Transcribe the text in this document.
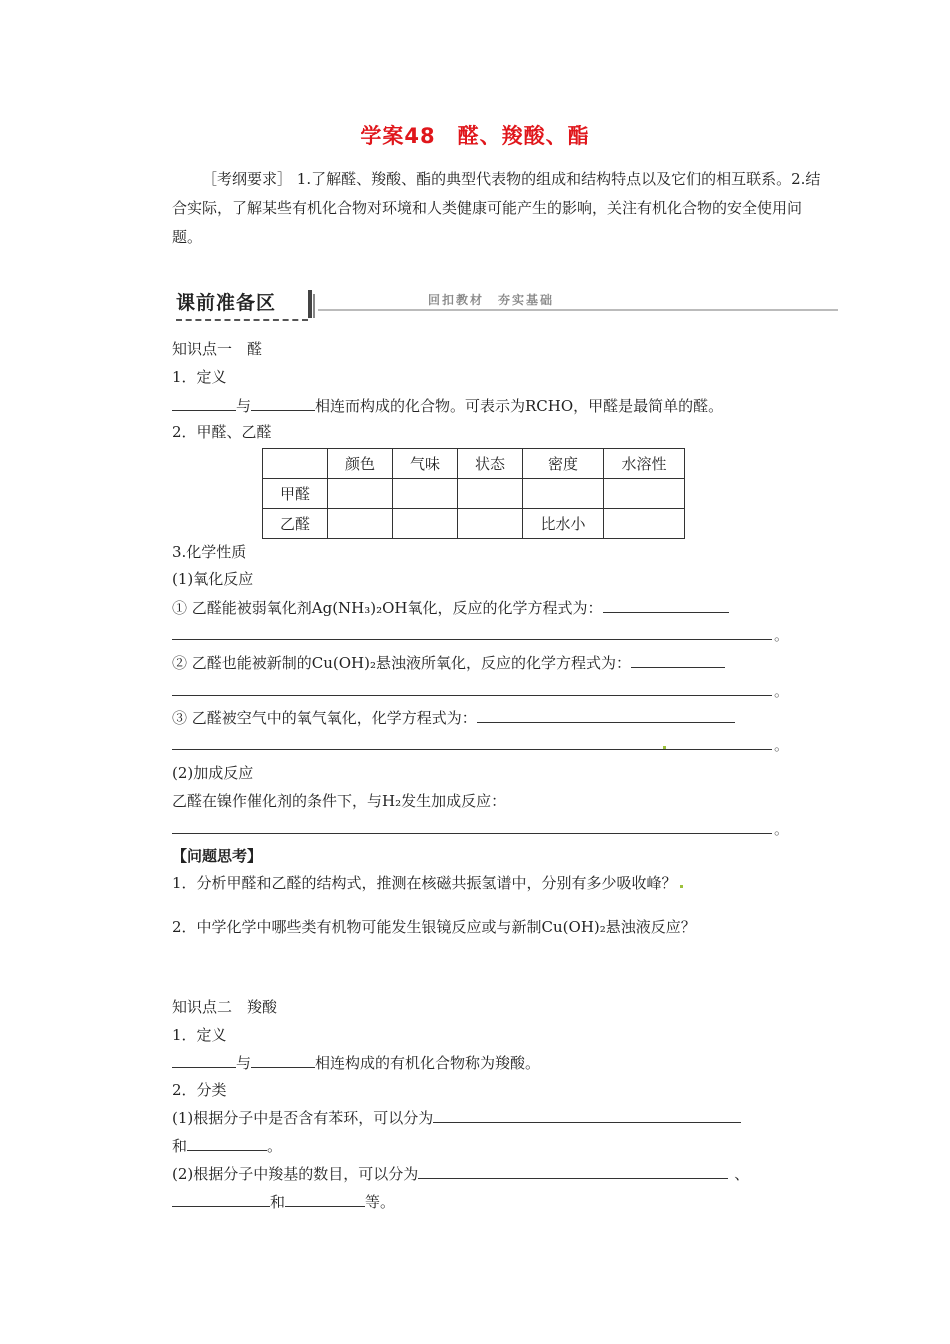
学案48　醛、羧酸、酯
［考纲要求］ 1.了解醛、羧酸、酯的典型代表物的组成和结构特点以及它们的相互联系。2.结合实际，了解某些有机化合物对环境和人类健康可能产生的影响，关注有机化合物的安全使用问题。
课前准备区	回扣教材　夯实基础
知识点一　醛
1．定义
与	相连而构成的化合物。可表示为RCHO，甲醛是最简单的醛。
2．甲醛、乙醛
	颜色	气味	状态	密度	水溶性
甲醛					
乙醛				比水小	
3.化学性质
(1)氧化反应
① 乙醛能被弱氧化剂Ag(NH₃)₂OH氧化，反应的化学方程式为：
。
② 乙醛也能被新制的Cu(OH)₂悬浊液所氧化，反应的化学方程式为：
。
③ 乙醛被空气中的氧气氧化，化学方程式为：
。
(2)加成反应
乙醛在镍作催化剂的条件下，与H₂发生加成反应：
。
【问题思考】
1．分析甲醛和乙醛的结构式，推测在核磁共振氢谱中，分别有多少吸收峰？
2．中学化学中哪些类有机物可能发生银镜反应或与新制Cu(OH)₂悬浊液反应？
知识点二　羧酸
1．定义
与	相连构成的有机化合物称为羧酸。
2．分类
(1)根据分子中是否含有苯环，可以分为
和	。
(2)根据分子中羧基的数目，可以分为	、
和	等。
